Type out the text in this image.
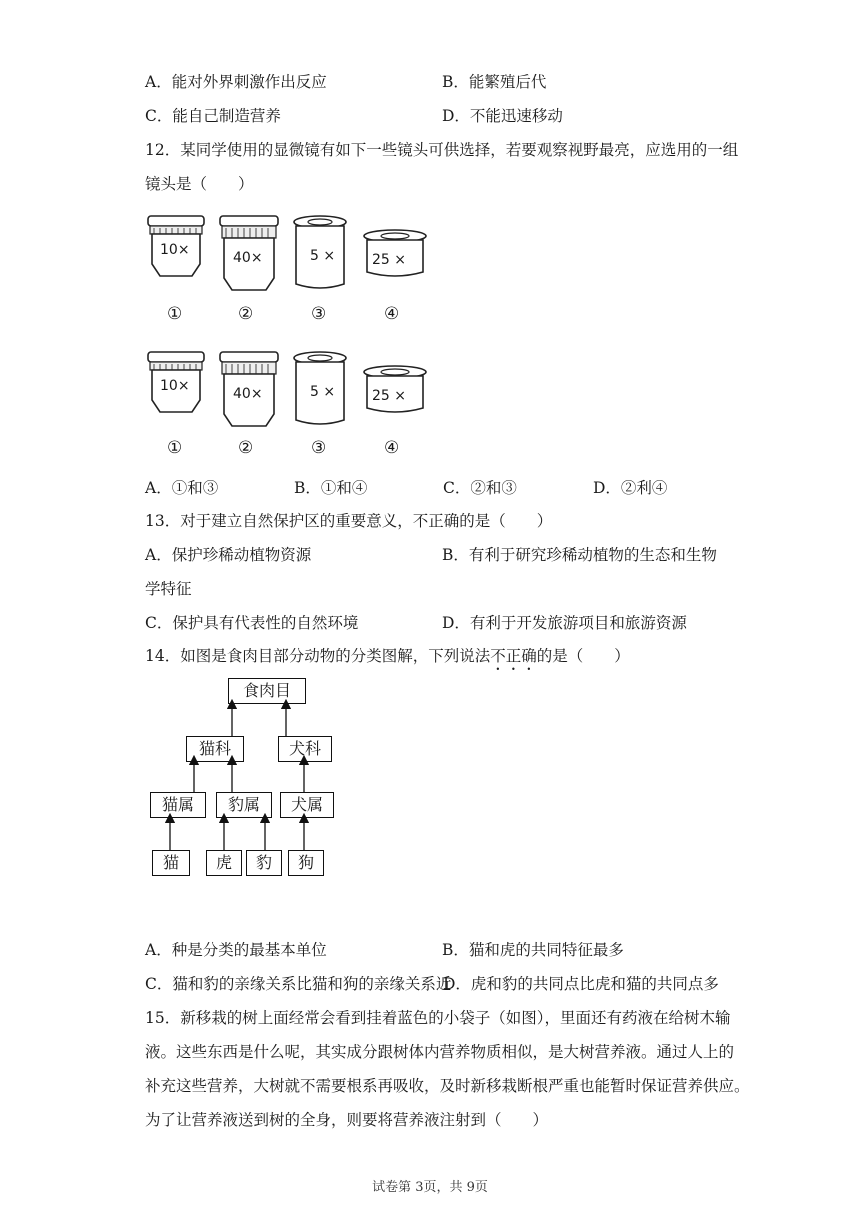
A．能对外界刺激作出反应	B．能繁殖后代
C．能自己制造营养	D．不能迅速移动
12．某同学使用的显微镜有如下一些镜头可供选择，若要观察视野最亮，应选用的一组
镜头是（　　）
10×	40×	5 ×	25 ×
①	②	③	④
10×	40×	5 ×	25 ×
①	②	③	④
A．①和③	B．①和④	C．②和③	D．②利④
13．对于建立自然保护区的重要意义，不正确的是（　　）
A．保护珍稀动植物资源	B．有利于研究珍稀动植物的生态和生物
学特征
C．保护具有代表性的自然环境	D．有利于开发旅游项目和旅游资源
14．如图是食肉目部分动物的分类图解，下列说法不正确的是（　　）
食肉目
猫科	犬科
猫属	豹属	犬属
猫	虎	豹	狗
A．种是分类的最基本单位	B．猫和虎的共同特征最多
C．猫和豹的亲缘关系比猫和狗的亲缘关系近
D．虎和豹的共同点比虎和猫的共同点多
15．新移栽的树上面经常会看到挂着蓝色的小袋子（如图），里面还有药液在给树木输
液。这些东西是什么呢，其实成分跟树体内营养物质相似，是大树营养液。通过人上的
补充这些营养，大树就不需要根系再吸收，及时新移栽断根严重也能暂时保证营养供应。
为了让营养液送到树的全身，则要将营养液注射到（　　）
试卷第 3页，共 9页
